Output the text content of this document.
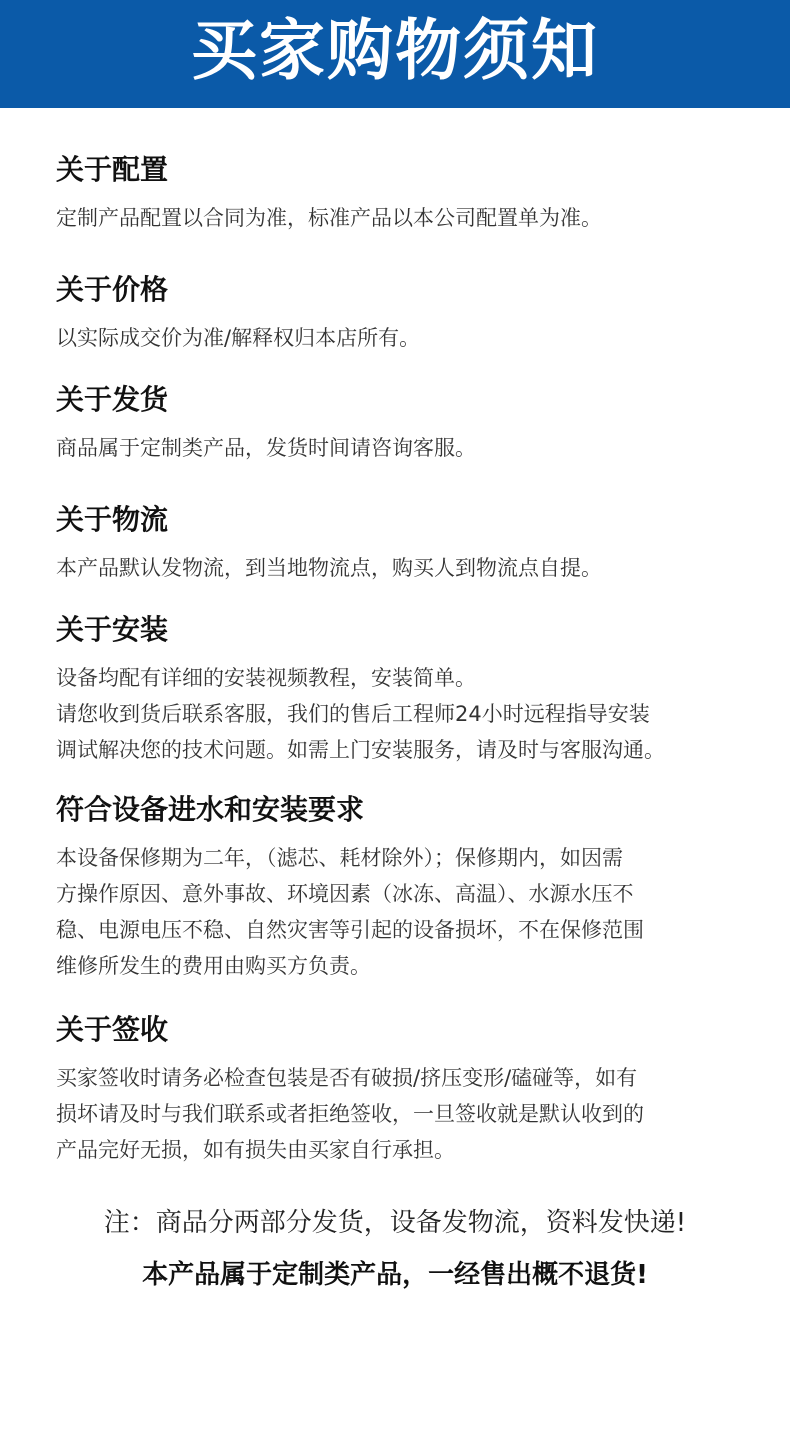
买家购物须知
关于配置
定制产品配置以合同为准，标准产品以本公司配置单为准。
关于价格
以实际成交价为准/解释权归本店所有。
关于发货
商品属于定制类产品，发货时间请咨询客服。
关于物流
本产品默认发物流，到当地物流点，购买人到物流点自提。
关于安装
设备均配有详细的安装视频教程，安装简单。
请您收到货后联系客服，我们的售后工程师24小时远程指导安装
调试解决您的技术问题。如需上门安装服务，请及时与客服沟通。
符合设备进水和安装要求
本设备保修期为二年，（滤芯、耗材除外）；保修期内，如因需
方操作原因、意外事故、环境因素（冰冻、高温）、水源水压不
稳、电源电压不稳、自然灾害等引起的设备损坏，不在保修范围
维修所发生的费用由购买方负责。
关于签收
买家签收时请务必检查包装是否有破损/挤压变形/磕碰等，如有
损坏请及时与我们联系或者拒绝签收，一旦签收就是默认收到的
产品完好无损，如有损失由买家自行承担。
注：商品分两部分发货，设备发物流，资料发快递!
本产品属于定制类产品，一经售出概不退货!
